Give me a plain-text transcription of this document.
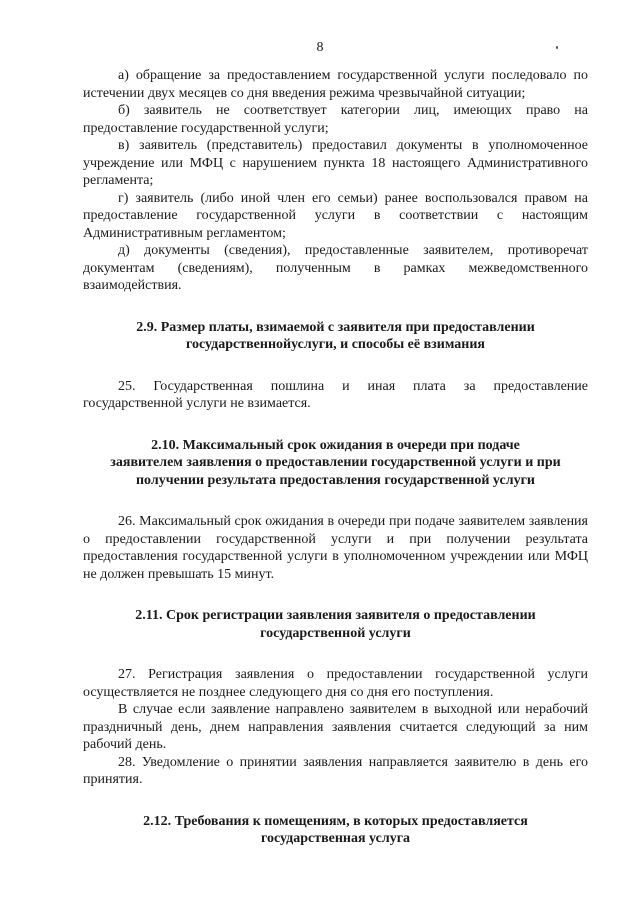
8

а) обращение за предоставлением государственной услуги последовало по истечении двух месяцев со дня введения режима чрезвычайной ситуации;

б) заявитель не соответствует категории лиц, имеющих право на предоставление государственной услуги;

в) заявитель (представитель) предоставил документы в уполномоченное учреждение или МФЦ с нарушением пункта 18 настоящего Административного регламента;

г) заявитель (либо иной член его семьи) ранее воспользовался правом на предоставление государственной услуги в соответствии с настоящим Административным регламентом;

д) документы (сведения), предоставленные заявителем, противоречат документам (сведениям), полученным в рамках межведомственного взаимодействия.

2.9. Размер платы, взимаемой с заявителя при предоставлении
государственнойуслуги, и способы её взимания

25. Государственная пошлина и иная плата за предоставление государственной услуги не взимается.

2.10. Максимальный срок ожидания в очереди при подаче
заявителем заявления о предоставлении государственной услуги и при
получении результата предоставления государственной услуги

26. Максимальный срок ожидания в очереди при подаче заявителем заявления о предоставлении государственной услуги и при получении результата предоставления государственной услуги в уполномоченном учреждении или МФЦ не должен превышать 15 минут.

2.11. Срок регистрации заявления заявителя о предоставлении
государственной услуги

27. Регистрация заявления о предоставлении государственной услуги осуществляется не позднее следующего дня со дня его поступления.

В случае если заявление направлено заявителем в выходной или нерабочий праздничный день, днем направления заявления считается следующий за ним рабочий день.

28. Уведомление о принятии заявления направляется заявителю в день его принятия.

2.12. Требования к помещениям, в которых предоставляется
государственная услуга
